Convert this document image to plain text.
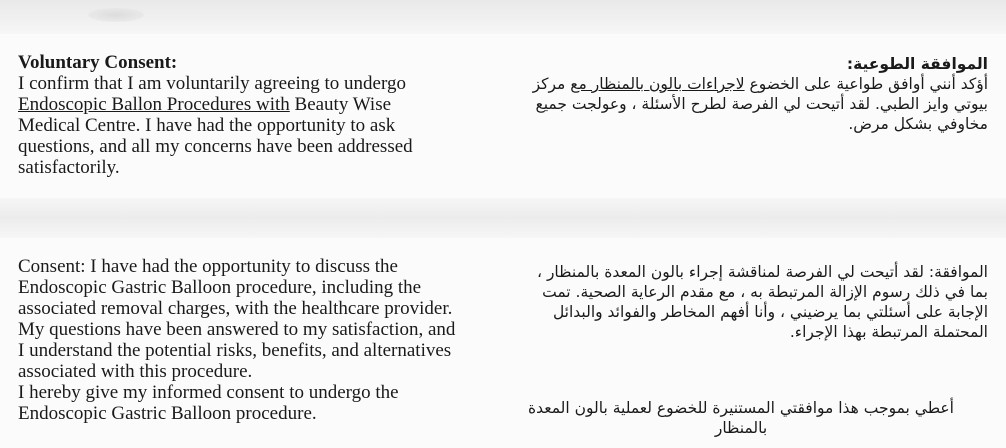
Voluntary Consent:
I confirm that I am voluntarily agreeing to undergo
Endoscopic Ballon Procedures with Beauty Wise
Medical Centre. I have had the opportunity to ask
questions, and all my concerns have been addressed
satisfactorily.
Consent: I have had the opportunity to discuss the
Endoscopic Gastric Balloon procedure, including the
associated removal charges, with the healthcare provider.
My questions have been answered to my satisfaction, and
I understand the potential risks, benefits, and alternatives
associated with this procedure.
I hereby give my informed consent to undergo the
Endoscopic Gastric Balloon procedure.
الموافقة الطوعية:
أؤكد أنني أوافق طواعية على الخضوع لاجراءات بالون بالمنظار مع مركز
بيوتي وايز الطبي. لقد أتيحت لي الفرصة لطرح الأسئلة ، وعولجت جميع
مخاوفي بشكل مرض.
الموافقة: لقد أتيحت لي الفرصة لمناقشة إجراء بالون المعدة بالمنظار ،
بما في ذلك رسوم الإزالة المرتبطة به ، مع مقدم الرعاية الصحية. تمت
الإجابة على أسئلتي بما يرضيني ، وأنا أفهم المخاطر والفوائد والبدائل
المحتملة المرتبطة بهذا الإجراء.
أعطي بموجب هذا موافقتي المستنيرة للخضوع لعملية بالون المعدة
بالمنظار
